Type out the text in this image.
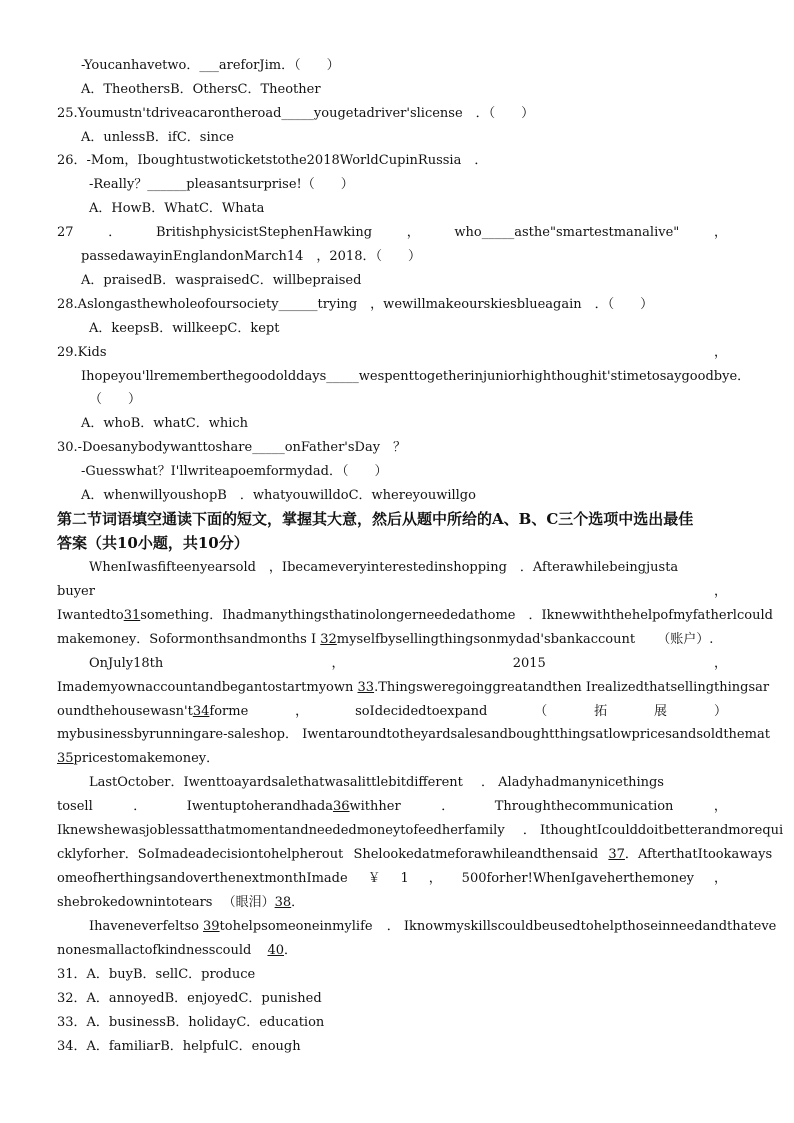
-Youcanhavetwo．___areforJim．（　　）
A．TheothersB．OthersC．Theother
25.Youmustn'tdriveacarontheroad_____yougetadriver'slicense　．（　　）
A．unlessB．ifC．since
26．-Mom，Iboughtustwoticketstothe2018WorldCupinRussia　．
-Really？______pleasantsurprise!（　　）
A．HowB．WhatC．Whata
27	．	BritishphysicistStephenHawking	，	who_____asthe"smartestmanalive"	，
passedawayinEnglandonMarch14　，2018．（　　）
A．praisedB．waspraisedC．willbepraised
28.Aslongasthewholeofoursociety______trying　，wewillmakeourskiesblueagain　．（　　）
A．keepsB．willkeepC．kept
29.Kids	，
Ihopeyou'llrememberthegoodolddays_____wespenttogetherinjuniorhighthoughit'stimetosaygoodbye ．
（　　）
A．whoB．whatC．which
30.-Doesanybodywanttoshare_____onFather'sDay　？
-Guesswhat？I'llwriteapoemformydad．（　　）
A．whenwillyoushopB　．whatyouwilldoC．whereyouwillgo
第二节词语填空通读下面的短文，掌握其大意，然后从题中所给的A、B、C三个选项中选出最佳
答案（共10小题，共10分）
WhenIwasfifteenyearsold　，Ibecameveryinterestedinshopping　．Afterawhilebeingjusta
buyer	，
Iwantedto31something．Ihadmanythingsthatinolongerneededathome　．Iknewwiththehelpofmyfatherlcould
makemoney．Soformonthsandmonths I 32myselfbysellingthingsonmydad'sbankaccount （账户）.
OnJuly18th	，	2015	，
Imademyownaccountandbegantostartmyown 33.Thingsweregoinggreatandthen Irealizedthatsellingthingsar
oundthehousewasn't34forme	，	soIdecidedtoexpand	（	拓	展	）
mybusinessbyrunningare-saleshop． Iwentaroundtotheyardsalesandboughtthingsatlowpricesandsoldthemat
35pricestomakemoney．
LastOctober．Iwenttoayardsalethatwasalittlebitdifferent ． Aladyhadmanynicethings
tosell	．	Iwentuptoherandhada36withher	．	Throughthecommunication	，
Iknewshewasjoblessatthatmomentandneededmoneytofeedherfamily ． IthoughtIcoulddoitbetterandmorequi
cklyforher．SoImadeadecisiontohelpherout Shelookedatmeforawhileandthensaid 37．AfterthatItookaways
omeofherthingsandoverthenextmonthImade ￥ 1 ， 500forher!WhenIgaveherthemoney ，
shebrokedownintotears （眼泪）38．
Ihaveneverfeltso 39tohelpsomeoneinmylife ． Iknowmyskillscouldbeusedtohelpthoseinneedandthateve
nonesmallactofkindnesscould 40．
31．A．buyB．sellC．produce
32．A．annoyedB．enjoyedC．punished
33．A．businessB．holidayC．education
34．A．familiarB．helpfulC．enough
